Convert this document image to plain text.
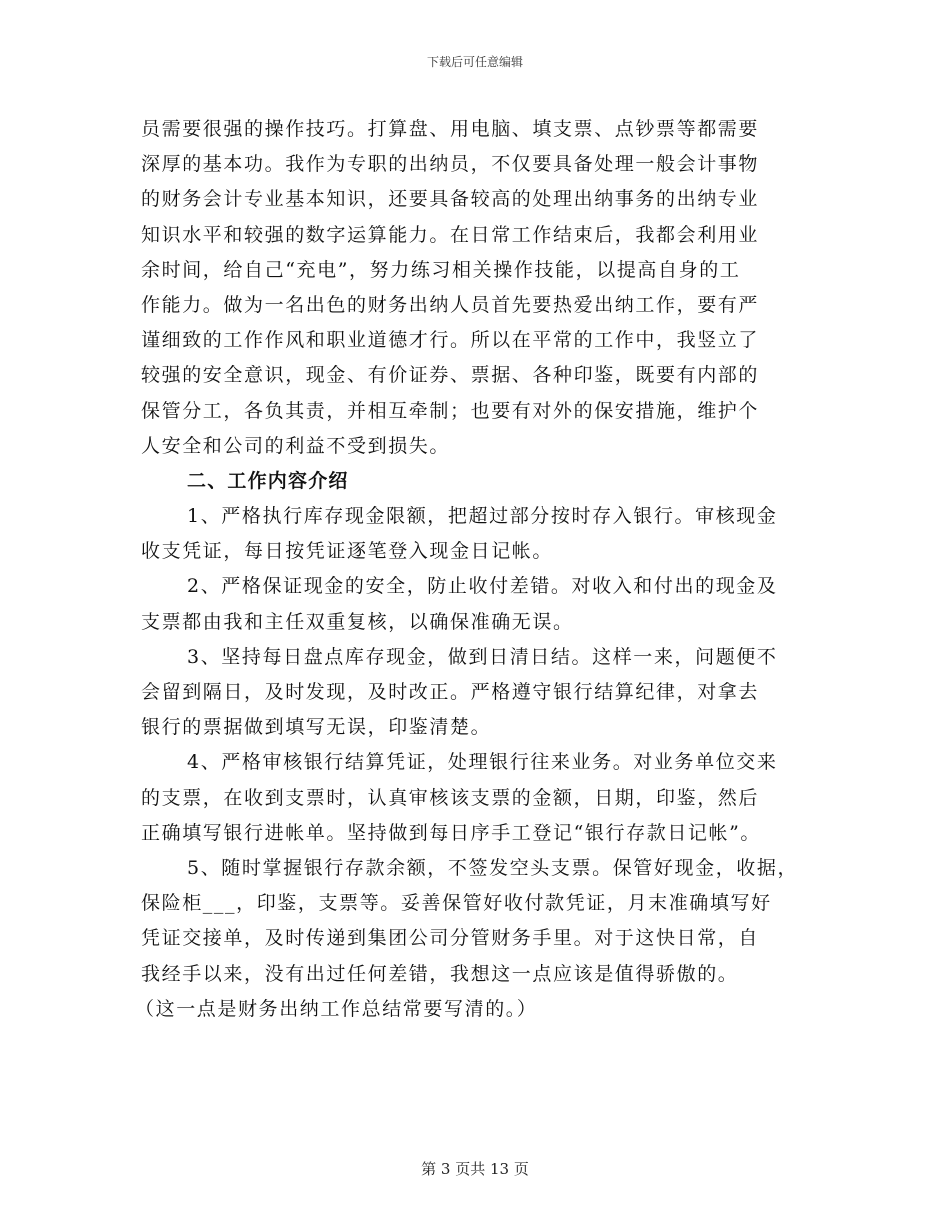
下载后可任意编辑
员需要很强的操作技巧。打算盘、用电脑、填支票、点钞票等都需要
深厚的基本功。我作为专职的出纳员，不仅要具备处理一般会计事物
的财务会计专业基本知识，还要具备较高的处理出纳事务的出纳专业
知识水平和较强的数字运算能力。在日常工作结束后，我都会利用业
余时间，给自己“充电”，努力练习相关操作技能，以提高自身的工
作能力。做为一名出色的财务出纳人员首先要热爱出纳工作，要有严
谨细致的工作作风和职业道德才行。所以在平常的工作中，我竖立了
较强的安全意识，现金、有价证券、票据、各种印鉴，既要有内部的
保管分工，各负其责，并相互牵制；也要有对外的保安措施，维护个
人安全和公司的利益不受到损失。
二、工作内容介绍
1、严格执行库存现金限额，把超过部分按时存入银行。审核现金
收支凭证，每日按凭证逐笔登入现金日记帐。
2、严格保证现金的安全，防止收付差错。对收入和付出的现金及
支票都由我和主任双重复核，以确保准确无误。
3、坚持每日盘点库存现金，做到日清日结。这样一来，问题便不
会留到隔日，及时发现，及时改正。严格遵守银行结算纪律，对拿去
银行的票据做到填写无误，印鉴清楚。
4、严格审核银行结算凭证，处理银行往来业务。对业务单位交来
的支票，在收到支票时，认真审核该支票的金额，日期，印鉴，然后
正确填写银行进帐单。坚持做到每日序手工登记“银行存款日记帐”。
5、随时掌握银行存款余额，不签发空头支票。保管好现金，收据，
保险柜___，印鉴，支票等。妥善保管好收付款凭证，月末准确填写好
凭证交接单，及时传递到集团公司分管财务手里。对于这快日常，自
我经手以来，没有出过任何差错，我想这一点应该是值得骄傲的。
（这一点是财务出纳工作总结常要写清的。）
第 3 页共 13 页
